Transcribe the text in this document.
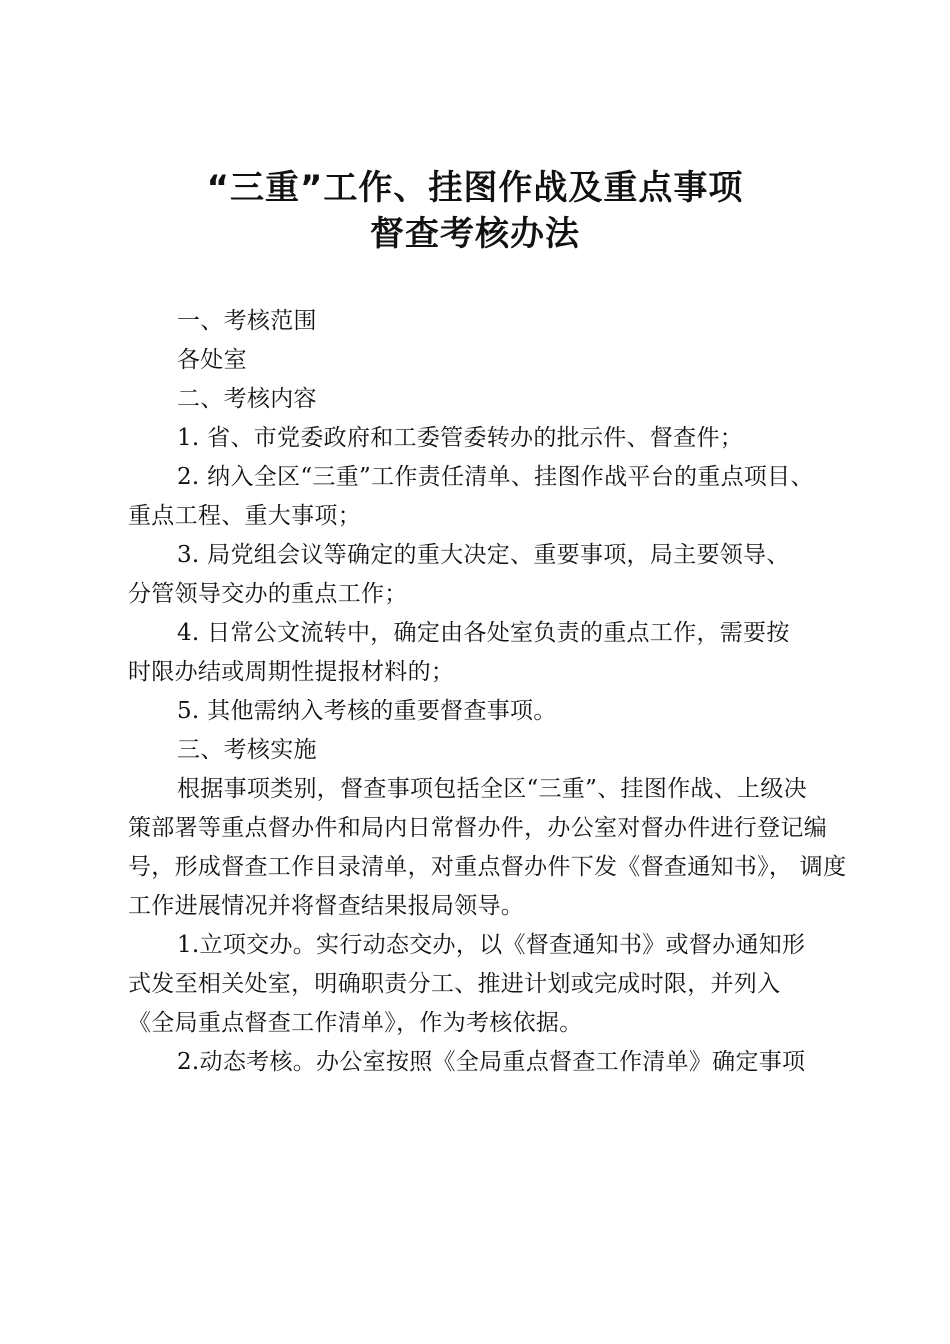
“三重”工作、挂图作战及重点事项
督查考核办法
一、考核范围
各处室
二、考核内容
1. 省、市党委政府和工委管委转办的批示件、督查件；
2. 纳入全区“三重”工作责任清单、挂图作战平台的重点项目、
重点工程、重大事项；
3. 局党组会议等确定的重大决定、重要事项，局主要领导、
分管领导交办的重点工作；
4. 日常公文流转中，确定由各处室负责的重点工作，需要按
时限办结或周期性提报材料的；
5. 其他需纳入考核的重要督查事项。
三、考核实施
根据事项类别，督查事项包括全区“三重”、挂图作战、上级决
策部署等重点督办件和局内日常督办件，办公室对督办件进行登记编
号，形成督查工作目录清单，对重点督办件下发《督查通知书》， 调度
工作进展情况并将督查结果报局领导。
1.立项交办。实行动态交办，以《督查通知书》或督办通知形
式发至相关处室，明确职责分工、推进计划或完成时限，并列入
《全局重点督查工作清单》，作为考核依据。
2.动态考核。办公室按照《全局重点督查工作清单》确定事项
